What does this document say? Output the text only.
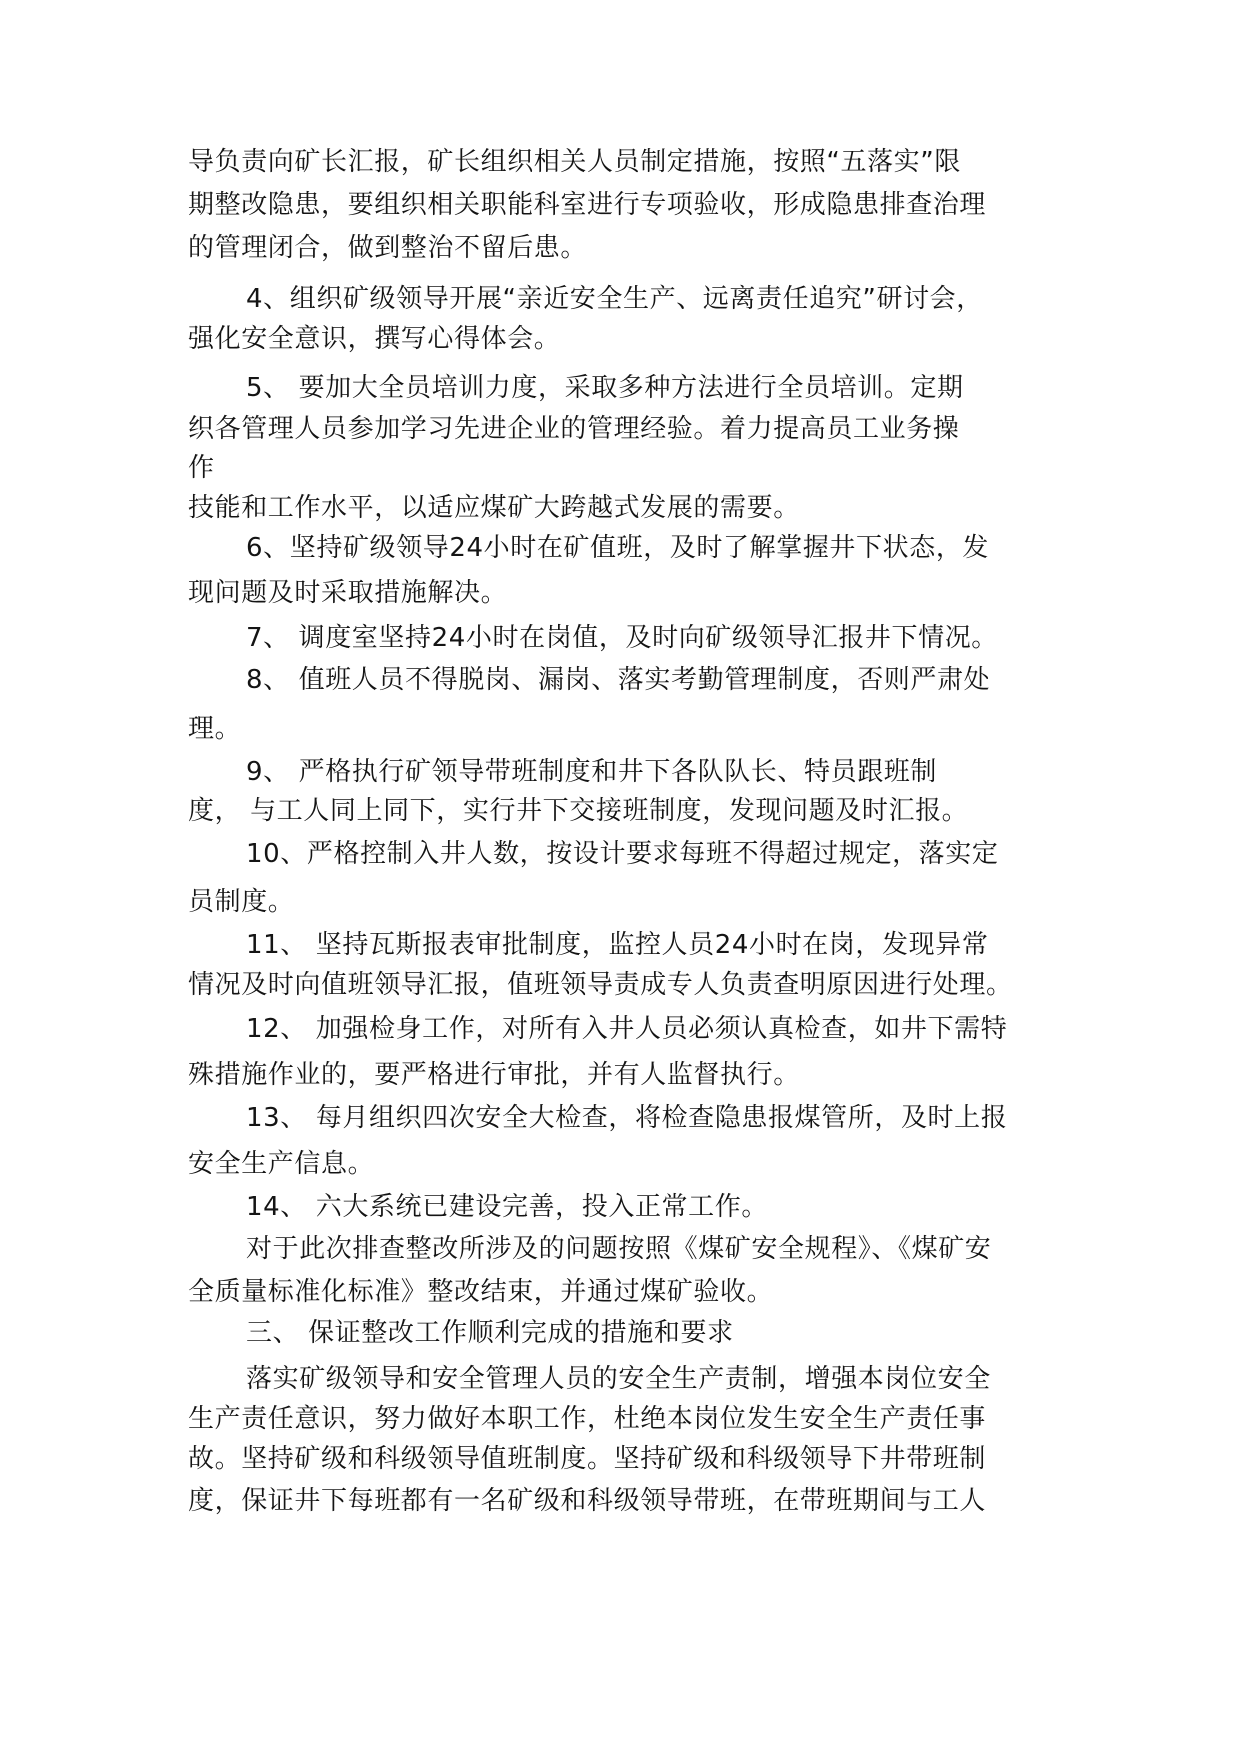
导负责向矿长汇报，矿长组织相关人员制定措施，按照“五落实”限

期整改隐患，要组织相关职能科室进行专项验收，形成隐患排查治理

的管理闭合，做到整治不留后患。

4、组织矿级领导开展“亲近安全生产、远离责任追究”研讨会，

强化安全意识，撰写心得体会。

5、 要加大全员培训力度，采取多种方法进行全员培训。定期

织各管理人员参加学习先进企业的管理经验。着力提高员工业务操

作

技能和工作水平，以适应煤矿大跨越式发展的需要。

6、坚持矿级领导24小时在矿值班，及时了解掌握井下状态，发

现问题及时采取措施解决。

7、 调度室坚持24小时在岗值，及时向矿级领导汇报井下情况。

8、 值班人员不得脱岗、漏岗、落实考勤管理制度，否则严肃处

理。

9、 严格执行矿领导带班制度和井下各队队长、特员跟班制

度， 与工人同上同下，实行井下交接班制度，发现问题及时汇报。

10、严格控制入井人数，按设计要求每班不得超过规定，落实定

员制度。

11、 坚持瓦斯报表审批制度，监控人员24小时在岗，发现异常

情况及时向值班领导汇报，值班领导责成专人负责查明原因进行处理。

12、 加强检身工作，对所有入井人员必须认真检查，如井下需特

殊措施作业的，要严格进行审批，并有人监督执行。

13、 每月组织四次安全大检查，将检查隐患报煤管所，及时上报

安全生产信息。

14、 六大系统已建设完善，投入正常工作。

对于此次排查整改所涉及的问题按照《煤矿安全规程》、《煤矿安

全质量标准化标准》整改结束，并通过煤矿验收。

三、 保证整改工作顺利完成的措施和要求

落实矿级领导和安全管理人员的安全生产责制，增强本岗位安全

生产责任意识，努力做好本职工作，杜绝本岗位发生安全生产责任事

故。坚持矿级和科级领导值班制度。坚持矿级和科级领导下井带班制

度，保证井下每班都有一名矿级和科级领导带班，在带班期间与工人
